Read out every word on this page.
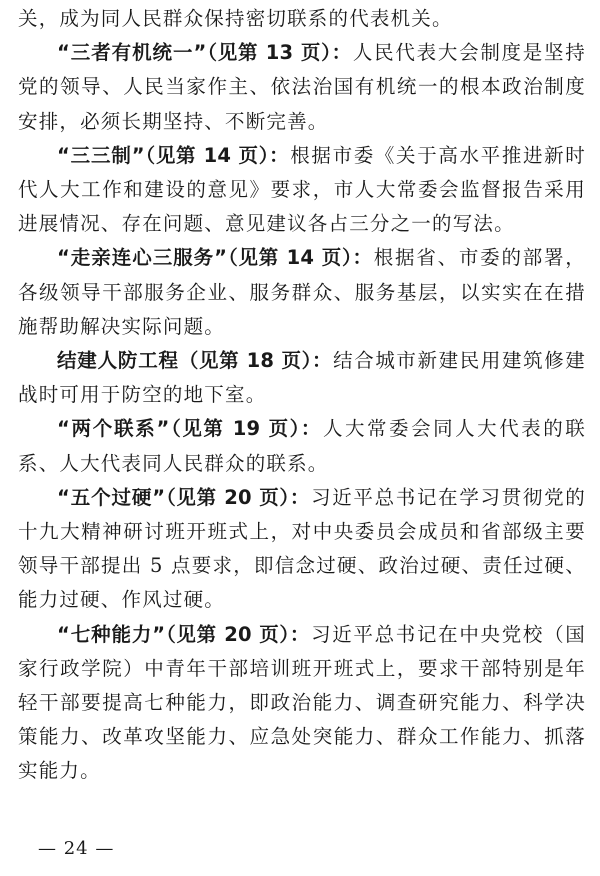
关，成为同人民群众保持密切联系的代表机关。

“三者有机统一”（见第 13 页）：人民代表大会制度是坚持党的领导、人民当家作主、依法治国有机统一的根本政治制度安排，必须长期坚持、不断完善。

“三三制”（见第 14 页）：根据市委《关于高水平推进新时代人大工作和建设的意见》要求，市人大常委会监督报告采用进展情况、存在问题、意见建议各占三分之一的写法。

“走亲连心三服务”（见第 14 页）：根据省、市委的部署，各级领导干部服务企业、服务群众、服务基层，以实实在在措施帮助解决实际问题。

结建人防工程（见第 18 页）：结合城市新建民用建筑修建战时可用于防空的地下室。

“两个联系”（见第 19 页）：人大常委会同人大代表的联系、人大代表同人民群众的联系。

“五个过硬”（见第 20 页）：习近平总书记在学习贯彻党的十九大精神研讨班开班式上，对中央委员会成员和省部级主要领导干部提出 5 点要求，即信念过硬、政治过硬、责任过硬、能力过硬、作风过硬。

“七种能力”（见第 20 页）：习近平总书记在中央党校（国家行政学院）中青年干部培训班开班式上，要求干部特别是年轻干部要提高七种能力，即政治能力、调查研究能力、科学决策能力、改革攻坚能力、应急处突能力、群众工作能力、抓落实能力。

— 24 —
